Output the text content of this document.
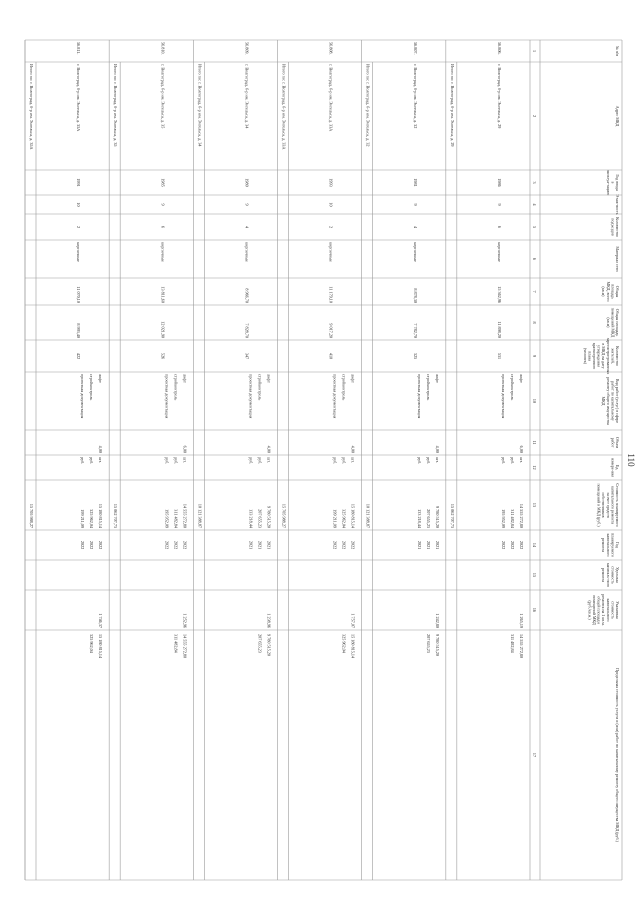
110
№ п/п
Адрес МКД
Год вводавэксплуа-тацию
Этаж-ность
Количествоподъездов
Материал стен
ОбщаяплощадьМКД, всего(кв.м)
Общая площадьпомещений МКД(кв.м)
Количествожителей,зарегистри-рованныхв МКД на датуутверждениякраткосрочногоплана(человек)
Вид работ (услуг) в сфереработ по капитальномуремонту общего имуществаМКД
Объемработ
Ед.измере-ния
Стоимость планируемогокапитального ремонтаза счет средствсобственниковпомещений в МКД (руб.)
Годпланируемогокапитальногоремонта
Удельнаястоимостькапиталь-ногоремонта
Указаннаястоимостькапитальногоремонта на 1 кв.м.общей площадипомещений МКД(руб./кв.м.)
Предельная стоимость услуги и (или) работ по капитальному ремонту общего имущества МКД (руб.)
1
2
3
4
5
6
7
8
9
10
11
12
13
14
15
16
17
56.806.
г. Волгоград, б-р им. Энгельса, д. 29
1986
9
6
кирпичные
15 362,96
11 898,20
531
лифт
стройконтроль
проектная документация
6,00
шт.
руб.
руб.
14 555 272,80
311 482,84
195 952,09
2022
2022
2022
1 265,19
14 555 272,80
311 482,84
Итого по: г. Волгоград, б-р им. Энгельса, д. 29
15 062 707,73
56.807.
г. Волгоград, б-р им. Энгельса, д. 32
1981
9
4
кирпичные
8 878,30
7 782,70
325
лифт
стройконтроль
проектная документация
4,00
шт.
руб.
руб.
9 780 515,20
207 655,23
133 218,44
2021
2021
2021
1 242,80
9 780 515,20
207 655,23
Итого по: г. Волгоград, б-р им. Энгельса, д. 32
10 121 388,87
56.808.
г. Волгоград, б-р им. Энгельса, д. 33А
1993
10
2
кирпичные
11 179,10
9 017,20
410
лифт
стройконтроль
проектная документация
4,00
шт.
руб.
руб.
15 180 815,14
325 962,04
199 211,09
2022
2022
2022
1 757,07
15 180 815,14
325 962,04
Итого по: г. Волгоград, б-р им. Энгельса, д. 33А
15 705 988,27
56.809.
г. Волгоград, б-р им. Энгельса, д. 34
1980
9
4
кирпичные
8 966,70
7 828,70
347
лифт
стройконтроль
проектная документация
4,00
шт.
руб.
руб.
9 780 515,20
207 655,23
133 218,44
2021
2021
2021
1 238,96
9 780 515,20
207 655,23
Итого по: г. Волгоград, б-р им. Энгельса, д. 34
10 121 388,87
56.810.
г. Волгоград, б-р им. Энгельса, д. 35
1985
9
6
кирпичные
13 811,60
12 021,90
526
лифт
стройконтроль
проектная документация
6,00
шт.
руб.
руб.
14 555 272,80
311 482,84
195 952,09
2022
2022
2022
1 252,96
14 555 272,80
311 482,84
Итого по: г. Волгоград, б-р им. Энгельса, д. 35
15 062 707,73
56.811.
г. Волгоград, б-р им. Энгельса, д. 35А
1991
10
2
кирпичные
11 070,10
8 993,40
422
лифт
стройконтроль
проектная документация
4,00
шт.
руб.
руб.
15 180 815,14
325 962,04
199 211,09
2022
2022
2022
1 746,37
15 180 815,14
325 962,04
Итого по: г. Волгоград, б-р им. Энгельса, д. 35А
15 705 988,27
